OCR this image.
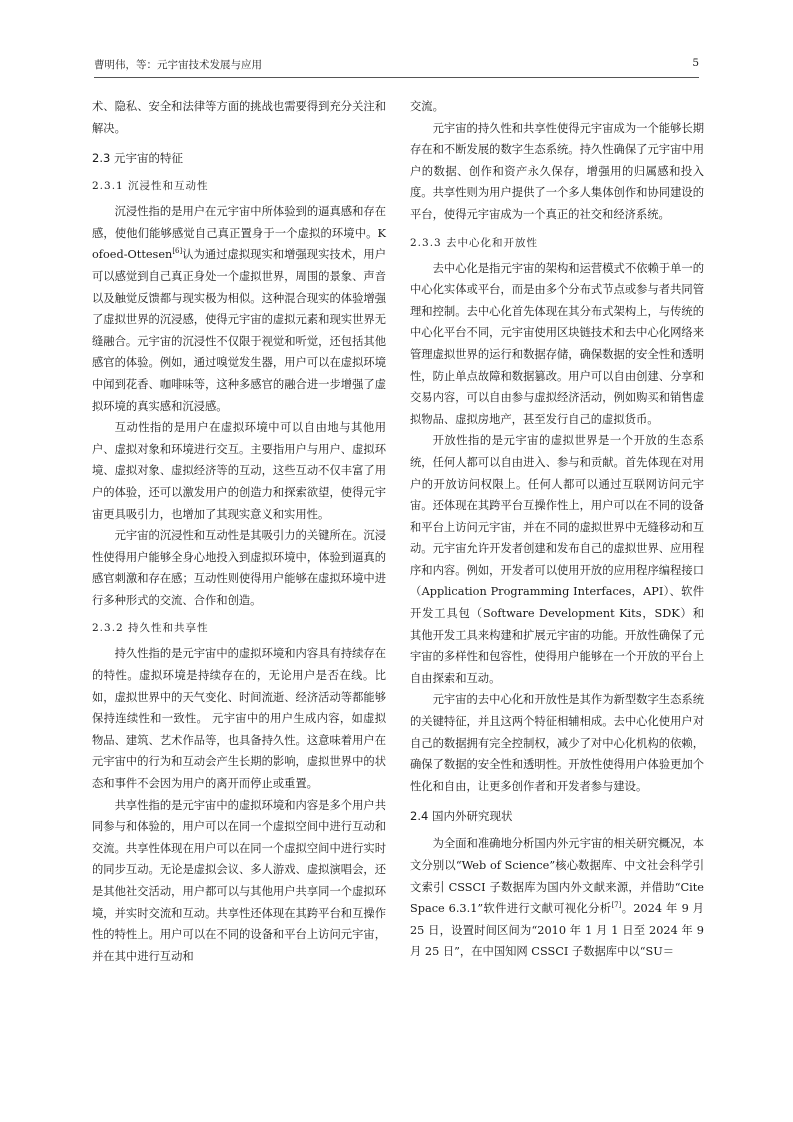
曹明伟，等：元宇宙技术发展与应用	5

术、隐私、安全和法律等方面的挑战也需要得到充分关注和解决。

2.3 元宇宙的特征
2.3.1 沉浸性和互动性

沉浸性指的是用户在元宇宙中所体验到的逼真感和存在感，使他们能够感觉自己真正置身于一个虚拟的环境中。Kofoed-Ottesen[6]认为通过虚拟现实和增强现实技术，用户可以感觉到自己真正身处一个虚拟世界，周围的景象、声音以及触觉反馈都与现实极为相似。这种混合现实的体验增强了虚拟世界的沉浸感，使得元宇宙的虚拟元素和现实世界无缝融合。元宇宙的沉浸性不仅限于视觉和听觉，还包括其他感官的体验。例如，通过嗅觉发生器，用户可以在虚拟环境中闻到花香、咖啡味等，这种多感官的融合进一步增强了虚拟环境的真实感和沉浸感。

互动性指的是用户在虚拟环境中可以自由地与其他用户、虚拟对象和环境进行交互。主要指用户与用户、虚拟环境、虚拟对象、虚拟经济等的互动，这些互动不仅丰富了用户的体验，还可以激发用户的创造力和探索欲望，使得元宇宙更具吸引力，也增加了其现实意义和实用性。

元宇宙的沉浸性和互动性是其吸引力的关键所在。沉浸性使得用户能够全身心地投入到虚拟环境中，体验到逼真的感官刺激和存在感；互动性则使得用户能够在虚拟环境中进行多种形式的交流、合作和创造。

2.3.2 持久性和共享性

持久性指的是元宇宙中的虚拟环境和内容具有持续存在的特性。虚拟环境是持续存在的，无论用户是否在线。比如，虚拟世界中的天气变化、时间流逝、经济活动等都能够保持连续性和一致性。 元宇宙中的用户生成内容，如虚拟物品、建筑、艺术作品等，也具备持久性。这意味着用户在元宇宙中的行为和互动会产生长期的影响，虚拟世界中的状态和事件不会因为用户的离开而停止或重置。

共享性指的是元宇宙中的虚拟环境和内容是多个用户共同参与和体验的，用户可以在同一个虚拟空间中进行互动和交流。共享性体现在用户可以在同一个虚拟空间中进行实时的同步互动。无论是虚拟会议、多人游戏、虚拟演唱会，还是其他社交活动，用户都可以与其他用户共享同一个虚拟环境，并实时交流和互动。共享性还体现在其跨平台和互操作性的特性上。用户可以在不同的设备和平台上访问元宇宙，并在其中进行互动和

交流。

元宇宙的持久性和共享性使得元宇宙成为一个能够长期存在和不断发展的数字生态系统。持久性确保了元宇宙中用户的数据、创作和资产永久保存，增强用的归属感和投入度。共享性则为用户提供了一个多人集体创作和协同建设的平台，使得元宇宙成为一个真正的社交和经济系统。

2.3.3 去中心化和开放性

去中心化是指元宇宙的架构和运营模式不依赖于单一的中心化实体或平台，而是由多个分布式节点或参与者共同管理和控制。去中心化首先体现在其分布式架构上，与传统的中心化平台不同，元宇宙使用区块链技术和去中心化网络来管理虚拟世界的运行和数据存储，确保数据的安全性和透明性，防止单点故障和数据篡改。用户可以自由创建、分享和交易内容，可以自由参与虚拟经济活动，例如购买和销售虚拟物品、虚拟房地产，甚至发行自己的虚拟货币。

开放性指的是元宇宙的虚拟世界是一个开放的生态系统，任何人都可以自由进入、参与和贡献。首先体现在对用户的开放访问权限上。任何人都可以通过互联网访问元宇宙。还体现在其跨平台互操作性上，用户可以在不同的设备和平台上访问元宇宙，并在不同的虚拟世界中无缝移动和互动。元宇宙允许开发者创建和发布自己的虚拟世界、应用程序和内容。例如，开发者可以使用开放的应用程序编程接口（Application Programming Interfaces，API）、软件开发工具包（Software Development Kits，SDK）和其他开发工具来构建和扩展元宇宙的功能。开放性确保了元宇宙的多样性和包容性，使得用户能够在一个开放的平台上自由探索和互动。

元宇宙的去中心化和开放性是其作为新型数字生态系统的关键特征，并且这两个特征相辅相成。去中心化使用户对自己的数据拥有完全控制权，减少了对中心化机构的依赖，确保了数据的安全性和透明性。开放性使得用户体验更加个性化和自由，让更多创作者和开发者参与建设。

2.4 国内外研究现状

为全面和准确地分析国内外元宇宙的相关研究概况，本文分别以“Web of Science”核心数据库、中文社会科学引文索引 CSSCI 子数据库为国内外文献来源，并借助“CiteSpace 6.3.1”软件进行文献可视化分析[7]。2024 年 9 月 25 日，设置时间区间为“2010 年 1 月 1 日至 2024 年 9 月 25 日”，在中国知网 CSSCI 子数据库中以“SU＝
